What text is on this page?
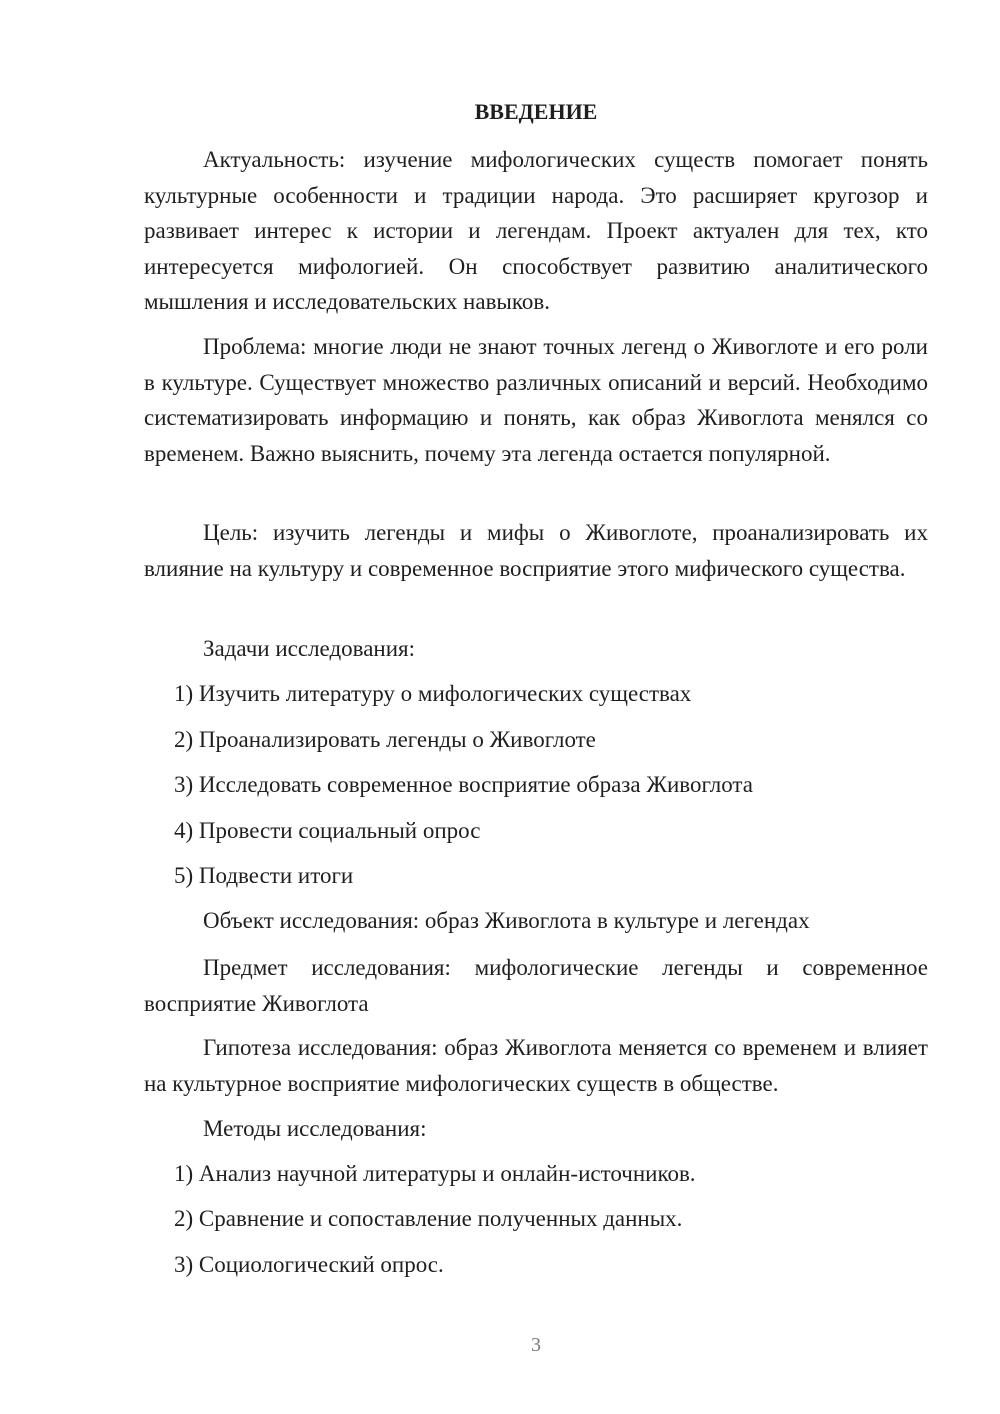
ВВЕДЕНИЕ

Актуальность: изучение мифологических существ помогает понять культурные особенности и традиции народа. Это расширяет кругозор и развивает интерес к истории и легендам. Проект актуален для тех, кто интересуется мифологией. Он способствует развитию аналитического мышления и исследовательских навыков.

Проблема: многие люди не знают точных легенд о Живоглоте и его роли в культуре. Существует множество различных описаний и версий. Необходимо систематизировать информацию и понять, как образ Живоглота менялся со временем. Важно выяснить, почему эта легенда остается популярной.

Цель: изучить легенды и мифы о Живоглоте, проанализировать их влияние на культуру и современное восприятие этого мифического существа.

Задачи исследования:

1) Изучить литературу о мифологических существах

2) Проанализировать легенды о Живоглоте

3) Исследовать современное восприятие образа Живоглота

4) Провести социальный опрос

5) Подвести итоги

Объект исследования: образ Живоглота в культуре и легендах

Предмет исследования: мифологические легенды и современное восприятие Живоглота

Гипотеза исследования: образ Живоглота меняется со временем и влияет на культурное восприятие мифологических существ в обществе.

Методы исследования:

1) Анализ научной литературы и онлайн-источников.

2) Сравнение и сопоставление полученных данных.

3) Социологический опрос.

3
